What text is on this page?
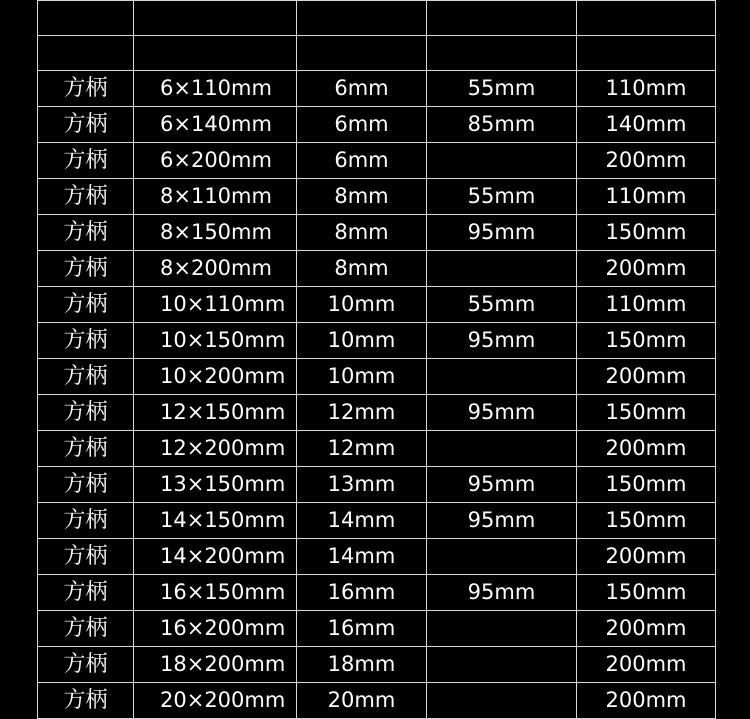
方柄	6×110mm	6mm	55mm	110mm
方柄	6×140mm	6mm	85mm	140mm
方柄	6×200mm	6mm		200mm
方柄	8×110mm	8mm	55mm	110mm
方柄	8×150mm	8mm	95mm	150mm
方柄	8×200mm	8mm		200mm
方柄	10×110mm	10mm	55mm	110mm
方柄	10×150mm	10mm	95mm	150mm
方柄	10×200mm	10mm		200mm
方柄	12×150mm	12mm	95mm	150mm
方柄	12×200mm	12mm		200mm
方柄	13×150mm	13mm	95mm	150mm
方柄	14×150mm	14mm	95mm	150mm
方柄	14×200mm	14mm		200mm
方柄	16×150mm	16mm	95mm	150mm
方柄	16×200mm	16mm		200mm
方柄	18×200mm	18mm		200mm
方柄	20×200mm	20mm		200mm
